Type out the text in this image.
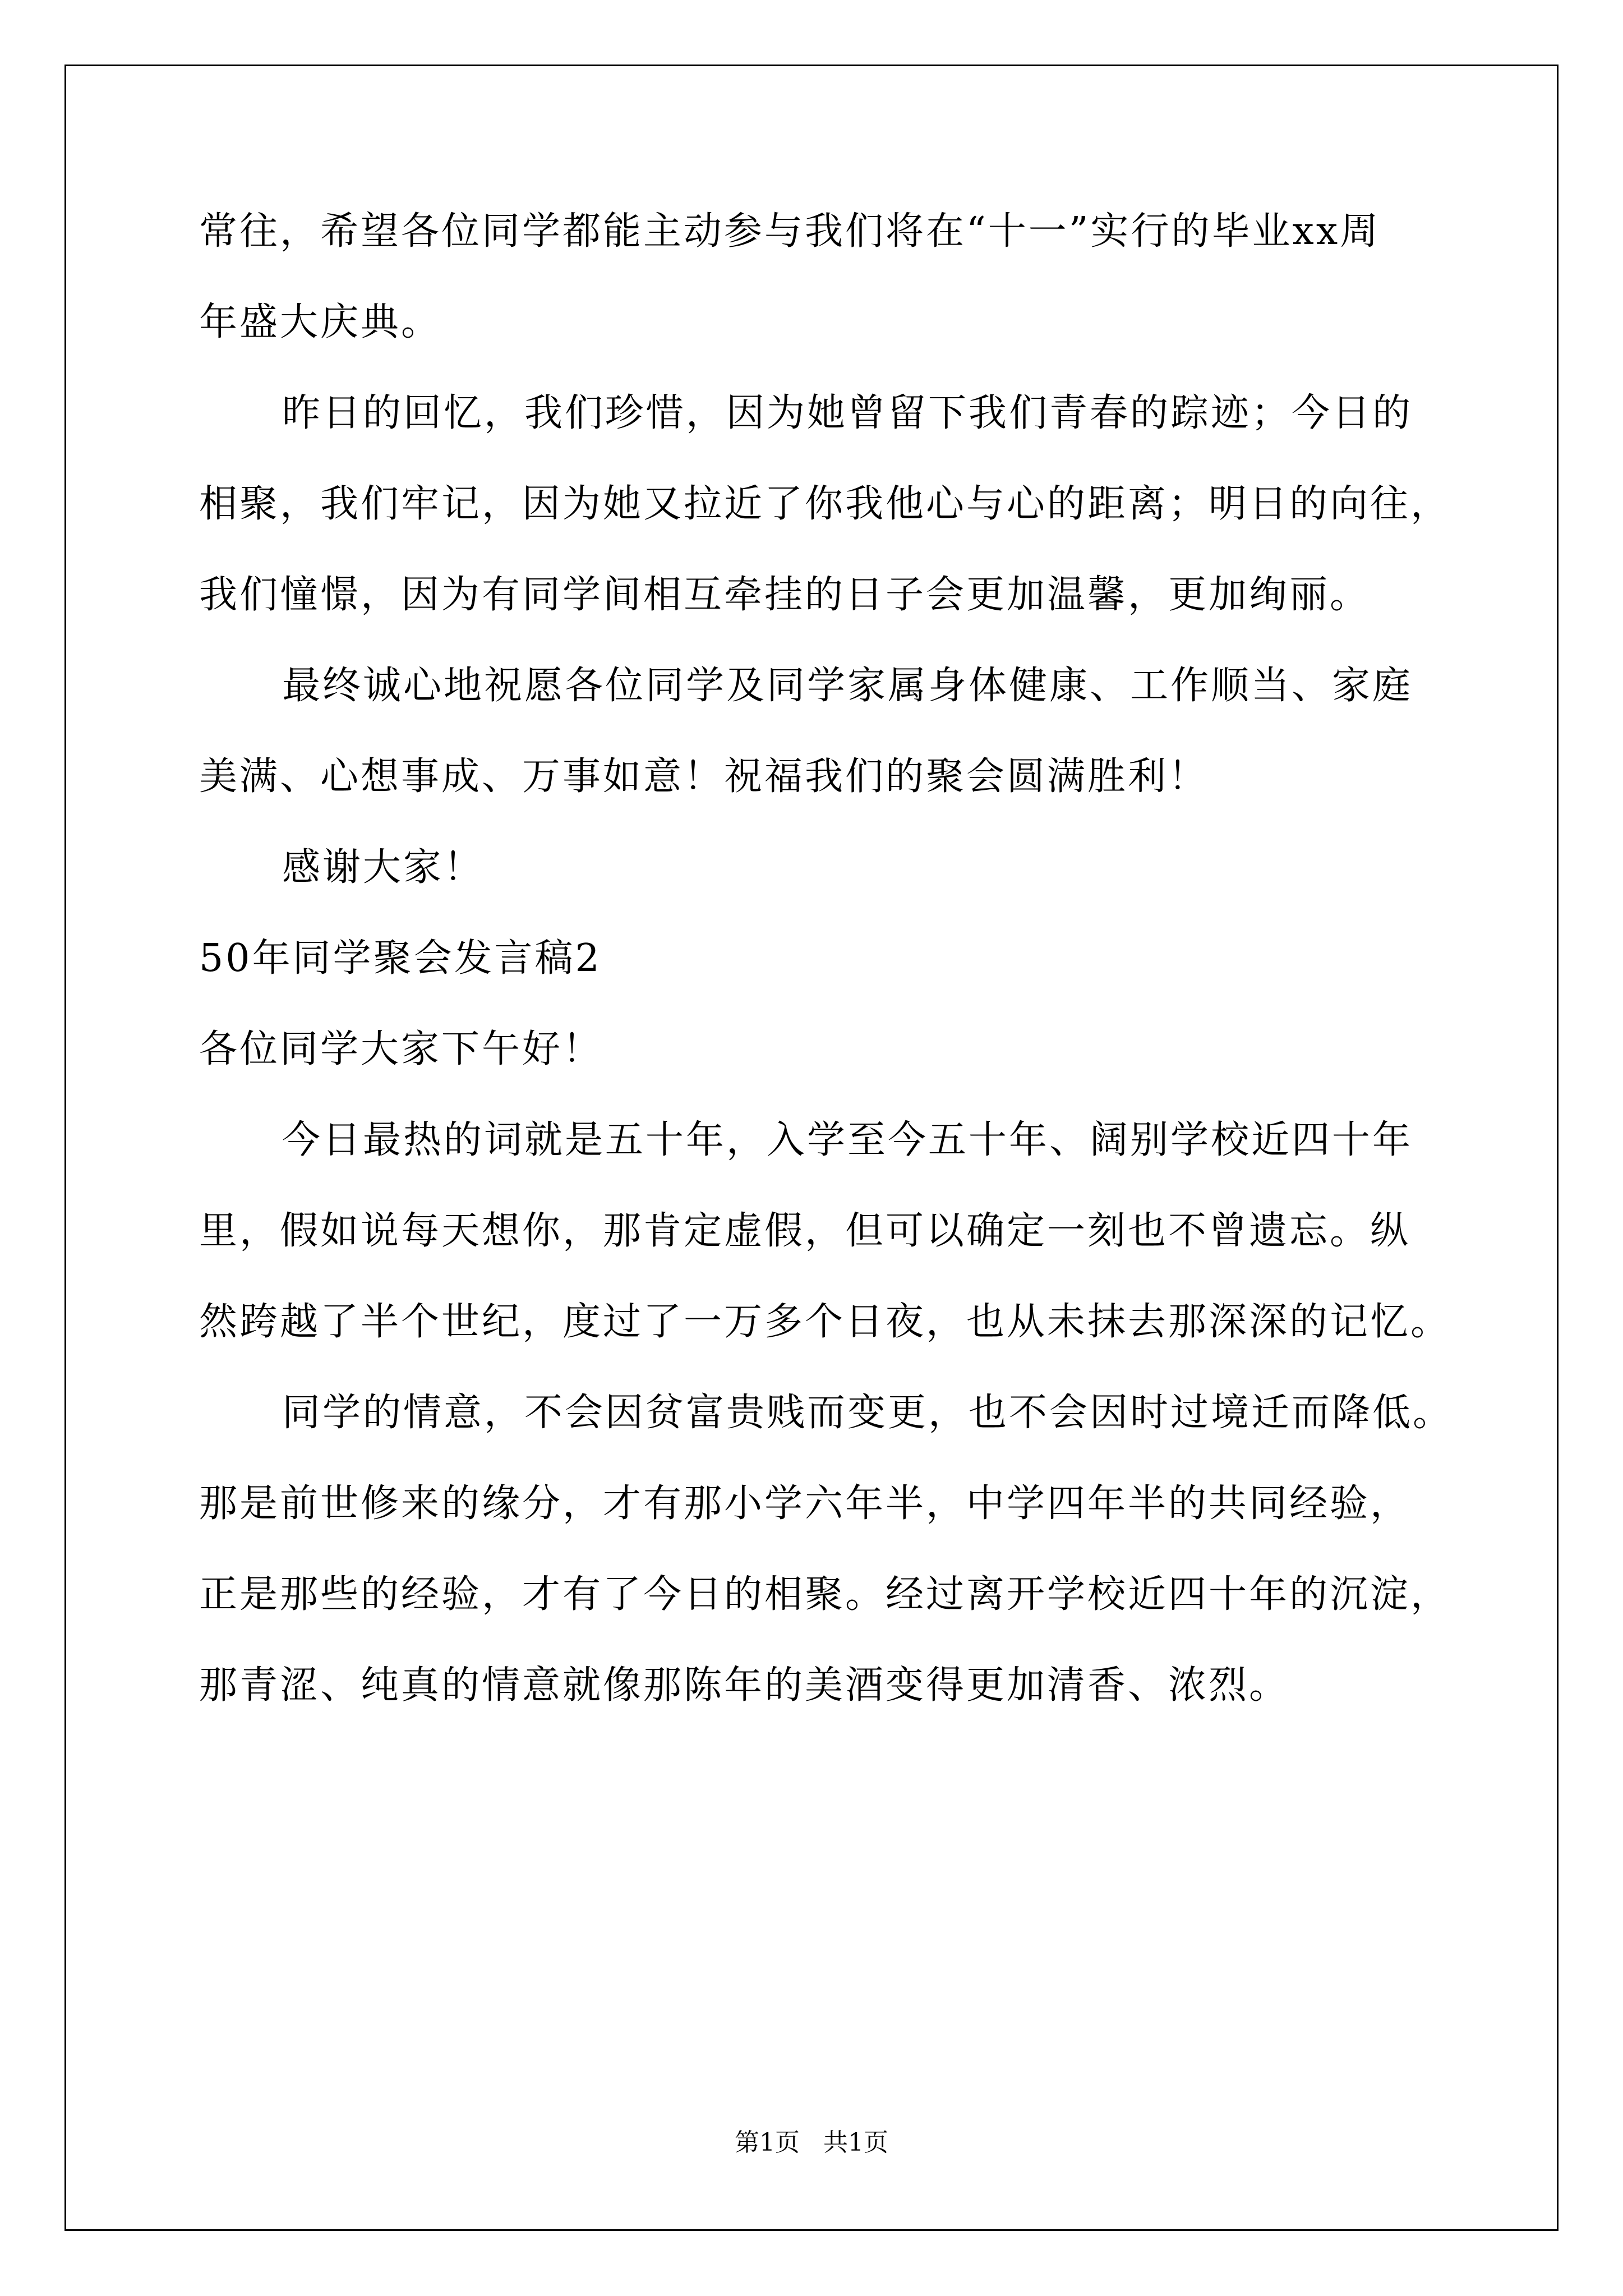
常往，希望各位同学都能主动参与我们将在“十一”实行的毕业xx周
年盛大庆典。
昨日的回忆，我们珍惜，因为她曾留下我们青春的踪迹；今日的
相聚，我们牢记，因为她又拉近了你我他心与心的距离；明日的向往，
我们憧憬，因为有同学间相互牵挂的日子会更加温馨，更加绚丽。
最终诚心地祝愿各位同学及同学家属身体健康、工作顺当、家庭
美满、心想事成、万事如意！祝福我们的聚会圆满胜利！
感谢大家！
50年同学聚会发言稿2
各位同学大家下午好！
今日最热的词就是五十年，入学至今五十年、阔别学校近四十年
里，假如说每天想你，那肯定虚假，但可以确定一刻也不曾遗忘。纵
然跨越了半个世纪，度过了一万多个日夜，也从未抹去那深深的记忆。
同学的情意，不会因贫富贵贱而变更，也不会因时过境迁而降低。
那是前世修来的缘分，才有那小学六年半，中学四年半的共同经验，
正是那些的经验，才有了今日的相聚。经过离开学校近四十年的沉淀，
那青涩、纯真的情意就像那陈年的美酒变得更加清香、浓烈。
第1页   共1页
